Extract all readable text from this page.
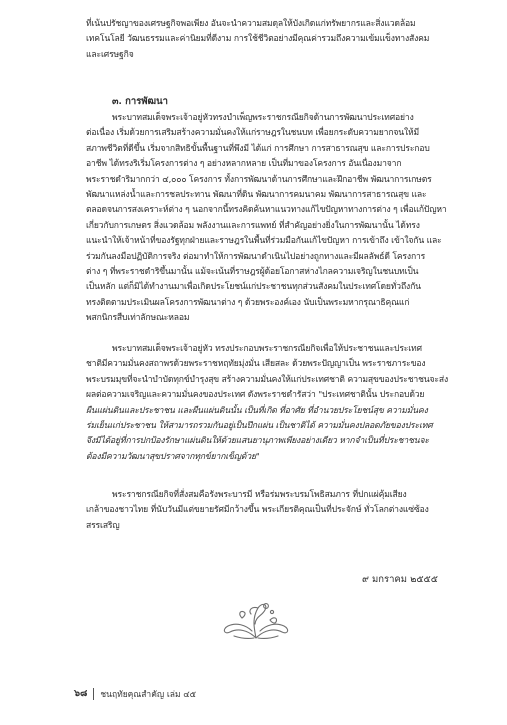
ที่เน้นปรัชญาของเศรษฐกิจพอเพียง อันจะนำความสมดุลให้บังเกิดแก่ทรัพยากรและสิ่งแวดล้อม
เทคโนโลยี วัฒนธรรมและค่านิยมที่ดีงาม การใช้ชีวิตอย่างมีคุณค่ารวมถึงความเข้มแข็งทางสังคม
และเศรษฐกิจ
๓. การพัฒนา
พระบาทสมเด็จพระเจ้าอยู่หัวทรงบำเพ็ญพระราชกรณียกิจด้านการพัฒนาประเทศอย่าง
ต่อเนื่อง เริ่มด้วยการเสริมสร้างความมั่นคงให้แก่ราษฎรในชนบท เพื่อยกระดับความยากจนให้มี
สภาพชีวิตที่ดีขึ้น เริ่มจากสิทธิขั้นพื้นฐานที่พึงมี ได้แก่ การศึกษา การสาธารณสุข และการประกอบ
อาชีพ ได้ทรงริเริ่มโครงการต่าง ๆ อย่างหลากหลาย เป็นที่มาของโครงการ อันเนื่องมาจาก
พระราชดำริมากกว่า ๔,๐๐๐ โครงการ ทั้งการพัฒนาด้านการศึกษาและฝึกอาชีพ พัฒนาการเกษตร
พัฒนาแหล่งน้ำและการชลประทาน พัฒนาที่ดิน พัฒนาการคมนาคม พัฒนาการสาธารณสุข และ
ตลอดจนการสงเคราะห์ต่าง ๆ นอกจากนี้ทรงคิดค้นหาแนวทางแก้ไขปัญหาทางการต่าง ๆ เพื่อแก้ปัญหา
เกี่ยวกับการเกษตร สิ่งแวดล้อม พลังงานและการแพทย์ ที่สำคัญอย่างยิ่งในการพัฒนานั้น ได้ทรง
แนะนำให้เจ้าหน้าที่ของรัฐทุกฝ่ายและราษฎรในพื้นที่ร่วมมือกันแก้ไขปัญหา การเข้าถึง เข้าใจกัน และ
ร่วมกันลงมือปฏิบัติการจริง ต่อมาทำให้การพัฒนาดำเนินไปอย่างถูกทางและมีผลลัพธ์ดี โครงการ
ต่าง ๆ ที่พระราชดำริขึ้นมานั้น แม้จะเน้นที่ราษฎรผู้ด้อยโอกาสห่างไกลความเจริญในชนบทเป็น
เป็นหลัก แต่ก็มิได้ทำงานมาเพื่อเกิดประโยชน์แก่ประชาชนทุกส่วนสังคมในประเทศโดยทั่วถึงกัน
ทรงติดตามประเมินผลโครงการพัฒนาต่าง ๆ ด้วยพระองค์เอง นับเป็นพระมหากรุณาธิคุณแก่
พสกนิกรสืบเท่าลักษณะหลอม
พระบาทสมเด็จพระเจ้าอยู่หัว ทรงประกอบพระราชกรณียกิจเพื่อให้ประชาชนและประเทศ
ชาติมีความมั่นคงสถาพรด้วยพระราชหฤทัยมุ่งมั่น เสียสละ ด้วยพระปัญญาเป็น พระราชภาระของ
พระบรมมุขที่จะนำบำบัดทุกข์บำรุงสุข สร้างความมั่นคงให้แก่ประเทศชาติ ความสุขของประชาชนจะส่ง
ผลต่อความเจริญและความมั่นคงของประเทศ ดังพระราชดำรัสว่า "ประเทศชาตินั้น ประกอบด้วย
ผืนแผ่นดินและประชาชน และผืนแผ่นดินนั้น เป็นที่เกิด ที่อาศัย ที่อำนวยประโยชน์สุข ความมั่นคง
ร่มเย็นแก่ประชาชน ให้สามารถรวมกันอยู่เป็นปึกแผ่น เป็นชาติได้ ความมั่นคงปลอดภัยของประเทศ
จึงมีได้อยู่ที่การปกป้องรักษาแผ่นดินให้ด้วยแสนยานุภาพเพียงอย่างเดียว หากจำเป็นที่ประชาชนจะ
ต้องมีความวัฒนาสุขปราศจากทุกข์ยากเข็ญด้วย"
พระราชกรณียกิจที่สั่งสมคือรังพระบารมี หรือร่มพระบรมโพธิสมภาร ที่ปกแผ่คุ้มเสียง
เกล้าของชาวไทย ที่นับวันมีแต่ขยายรัศมีกว้างขึ้น พระเกียรติคุณเป็นที่ประจักษ์ ทั่วโลกต่างแซ่ซ้อง
สรรเสริญ
๙ มกราคม ๒๕๕๕
๖๘ ชนฤทัยคุณสำคัญ เล่ม ๔๕
